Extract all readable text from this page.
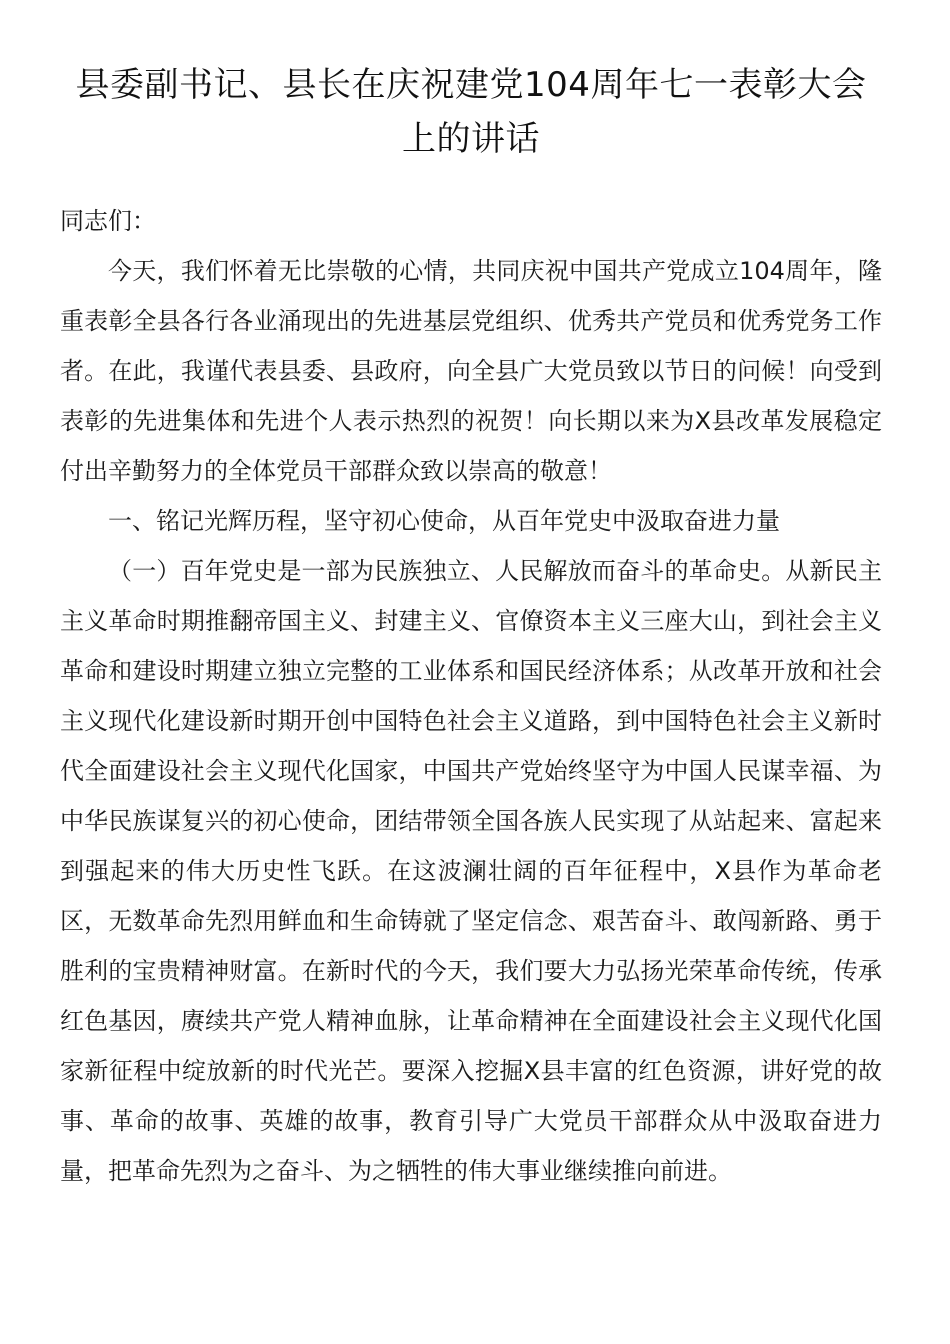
县委副书记、县长在庆祝建党104周年七一表彰大会上的讲话

同志们：

今天，我们怀着无比崇敬的心情，共同庆祝中国共产党成立104周年，隆重表彰全县各行各业涌现出的先进基层党组织、优秀共产党员和优秀党务工作者。在此，我谨代表县委、县政府，向全县广大党员致以节日的问候！向受到表彰的先进集体和先进个人表示热烈的祝贺！向长期以来为X县改革发展稳定付出辛勤努力的全体党员干部群众致以崇高的敬意！

一、铭记光辉历程，坚守初心使命，从百年党史中汲取奋进力量

（一）百年党史是一部为民族独立、人民解放而奋斗的革命史。从新民主主义革命时期推翻帝国主义、封建主义、官僚资本主义三座大山，到社会主义革命和建设时期建立独立完整的工业体系和国民经济体系；从改革开放和社会主义现代化建设新时期开创中国特色社会主义道路，到中国特色社会主义新时代全面建设社会主义现代化国家，中国共产党始终坚守为中国人民谋幸福、为中华民族谋复兴的初心使命，团结带领全国各族人民实现了从站起来、富起来到强起来的伟大历史性飞跃。在这波澜壮阔的百年征程中，X县作为革命老区，无数革命先烈用鲜血和生命铸就了坚定信念、艰苦奋斗、敢闯新路、勇于胜利的宝贵精神财富。在新时代的今天，我们要大力弘扬光荣革命传统，传承红色基因，赓续共产党人精神血脉，让革命精神在全面建设社会主义现代化国家新征程中绽放新的时代光芒。要深入挖掘X县丰富的红色资源，讲好党的故事、革命的故事、英雄的故事，教育引导广大党员干部群众从中汲取奋进力量，把革命先烈为之奋斗、为之牺牲的伟大事业继续推向前进。
